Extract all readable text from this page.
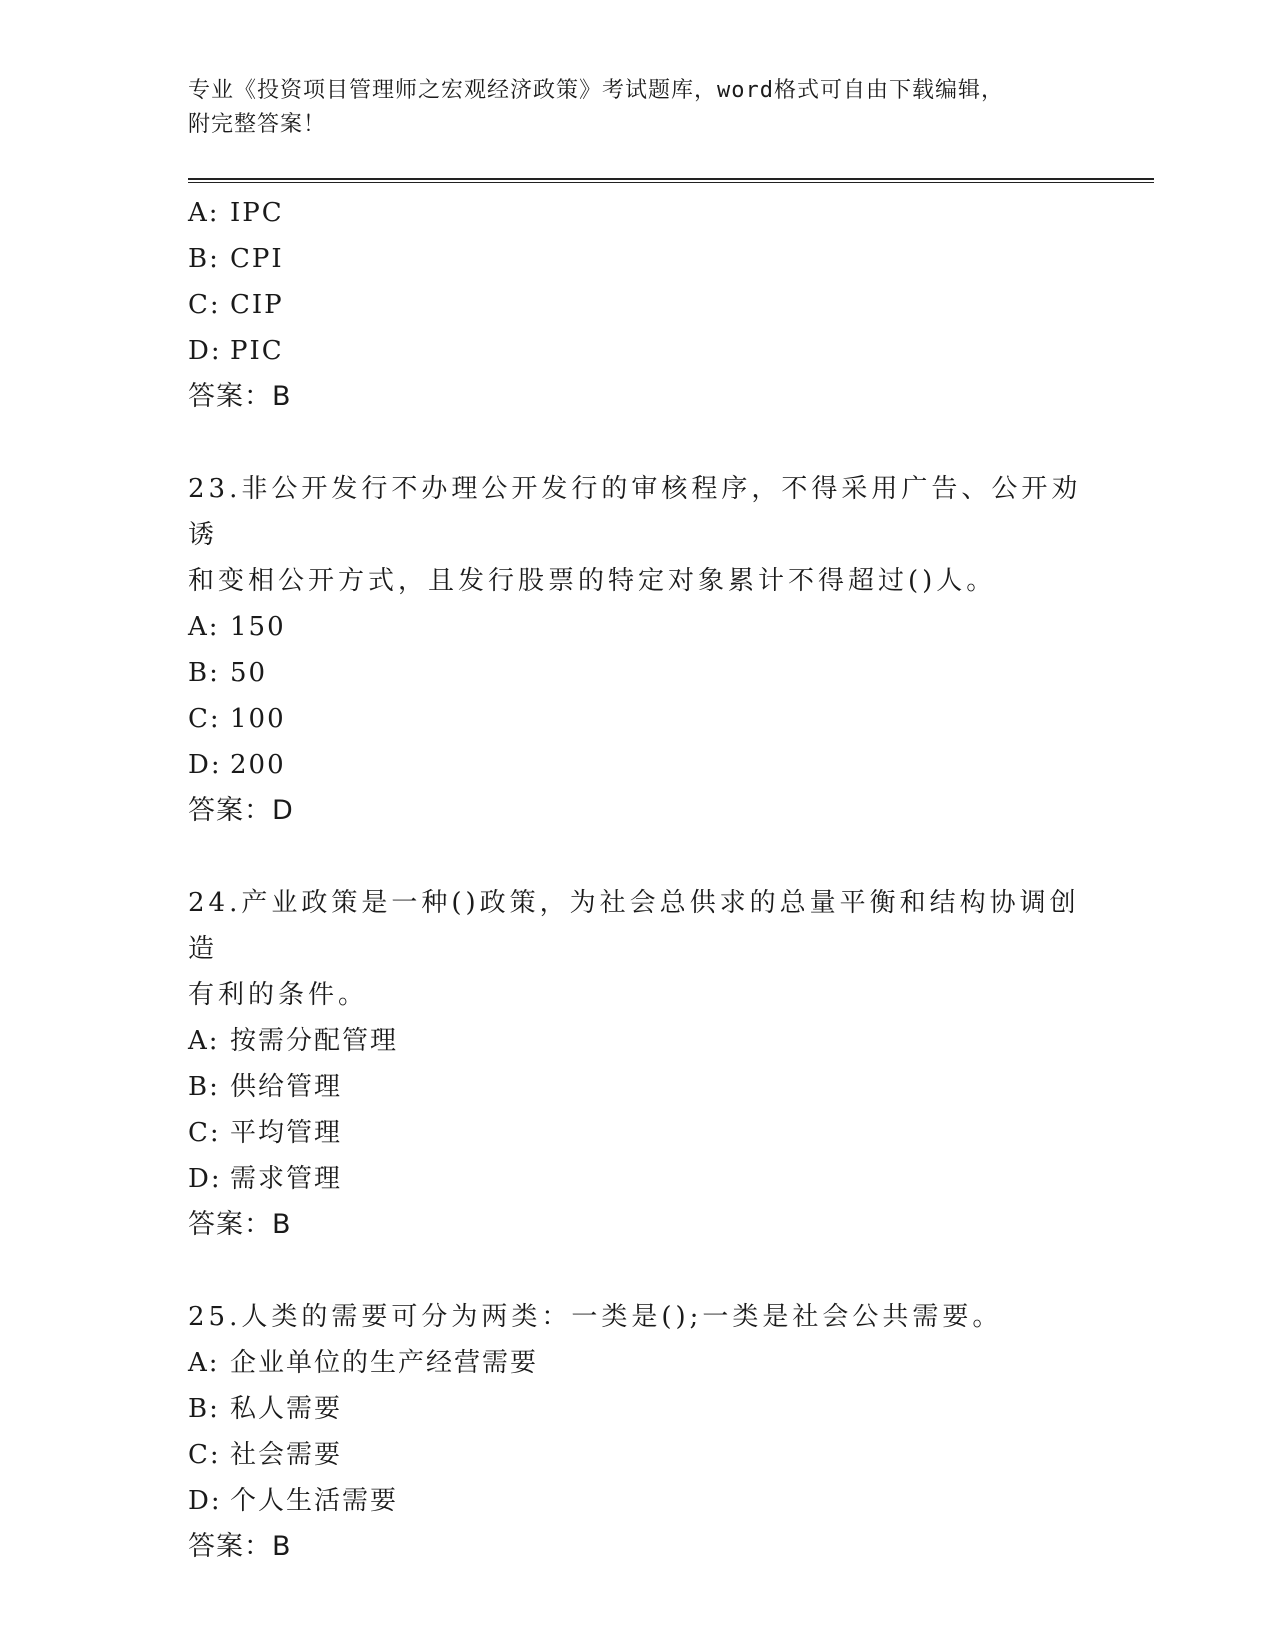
专业《投资项目管理师之宏观经济政策》考试题库，word格式可自由下载编辑，
附完整答案！
A: IPC
B: CPI
C: CIP
D: PIC
答案：B
23.非公开发行不办理公开发行的审核程序，不得采用广告、公开劝诱
和变相公开方式，且发行股票的特定对象累计不得超过()人。
A: 150
B: 50
C: 100
D: 200
答案：D
24.产业政策是一种()政策，为社会总供求的总量平衡和结构协调创造
有利的条件。
A: 按需分配管理
B: 供给管理
C: 平均管理
D: 需求管理
答案：B
25.人类的需要可分为两类：一类是();一类是社会公共需要。
A: 企业单位的生产经营需要
B: 私人需要
C: 社会需要
D: 个人生活需要
答案：B
